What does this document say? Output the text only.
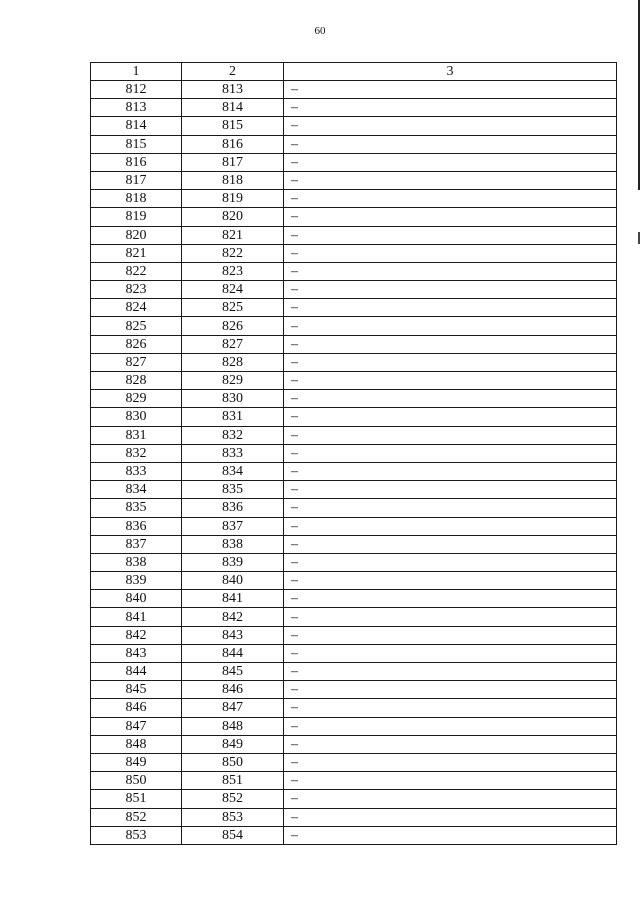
60
1	2	3
812	813	–
813	814	–
814	815	–
815	816	–
816	817	–
817	818	–
818	819	–
819	820	–
820	821	–
821	822	–
822	823	–
823	824	–
824	825	–
825	826	–
826	827	–
827	828	–
828	829	–
829	830	–
830	831	–
831	832	–
832	833	–
833	834	–
834	835	–
835	836	–
836	837	–
837	838	–
838	839	–
839	840	–
840	841	–
841	842	–
842	843	–
843	844	–
844	845	–
845	846	–
846	847	–
847	848	–
848	849	–
849	850	–
850	851	–
851	852	–
852	853	–
853	854	–
